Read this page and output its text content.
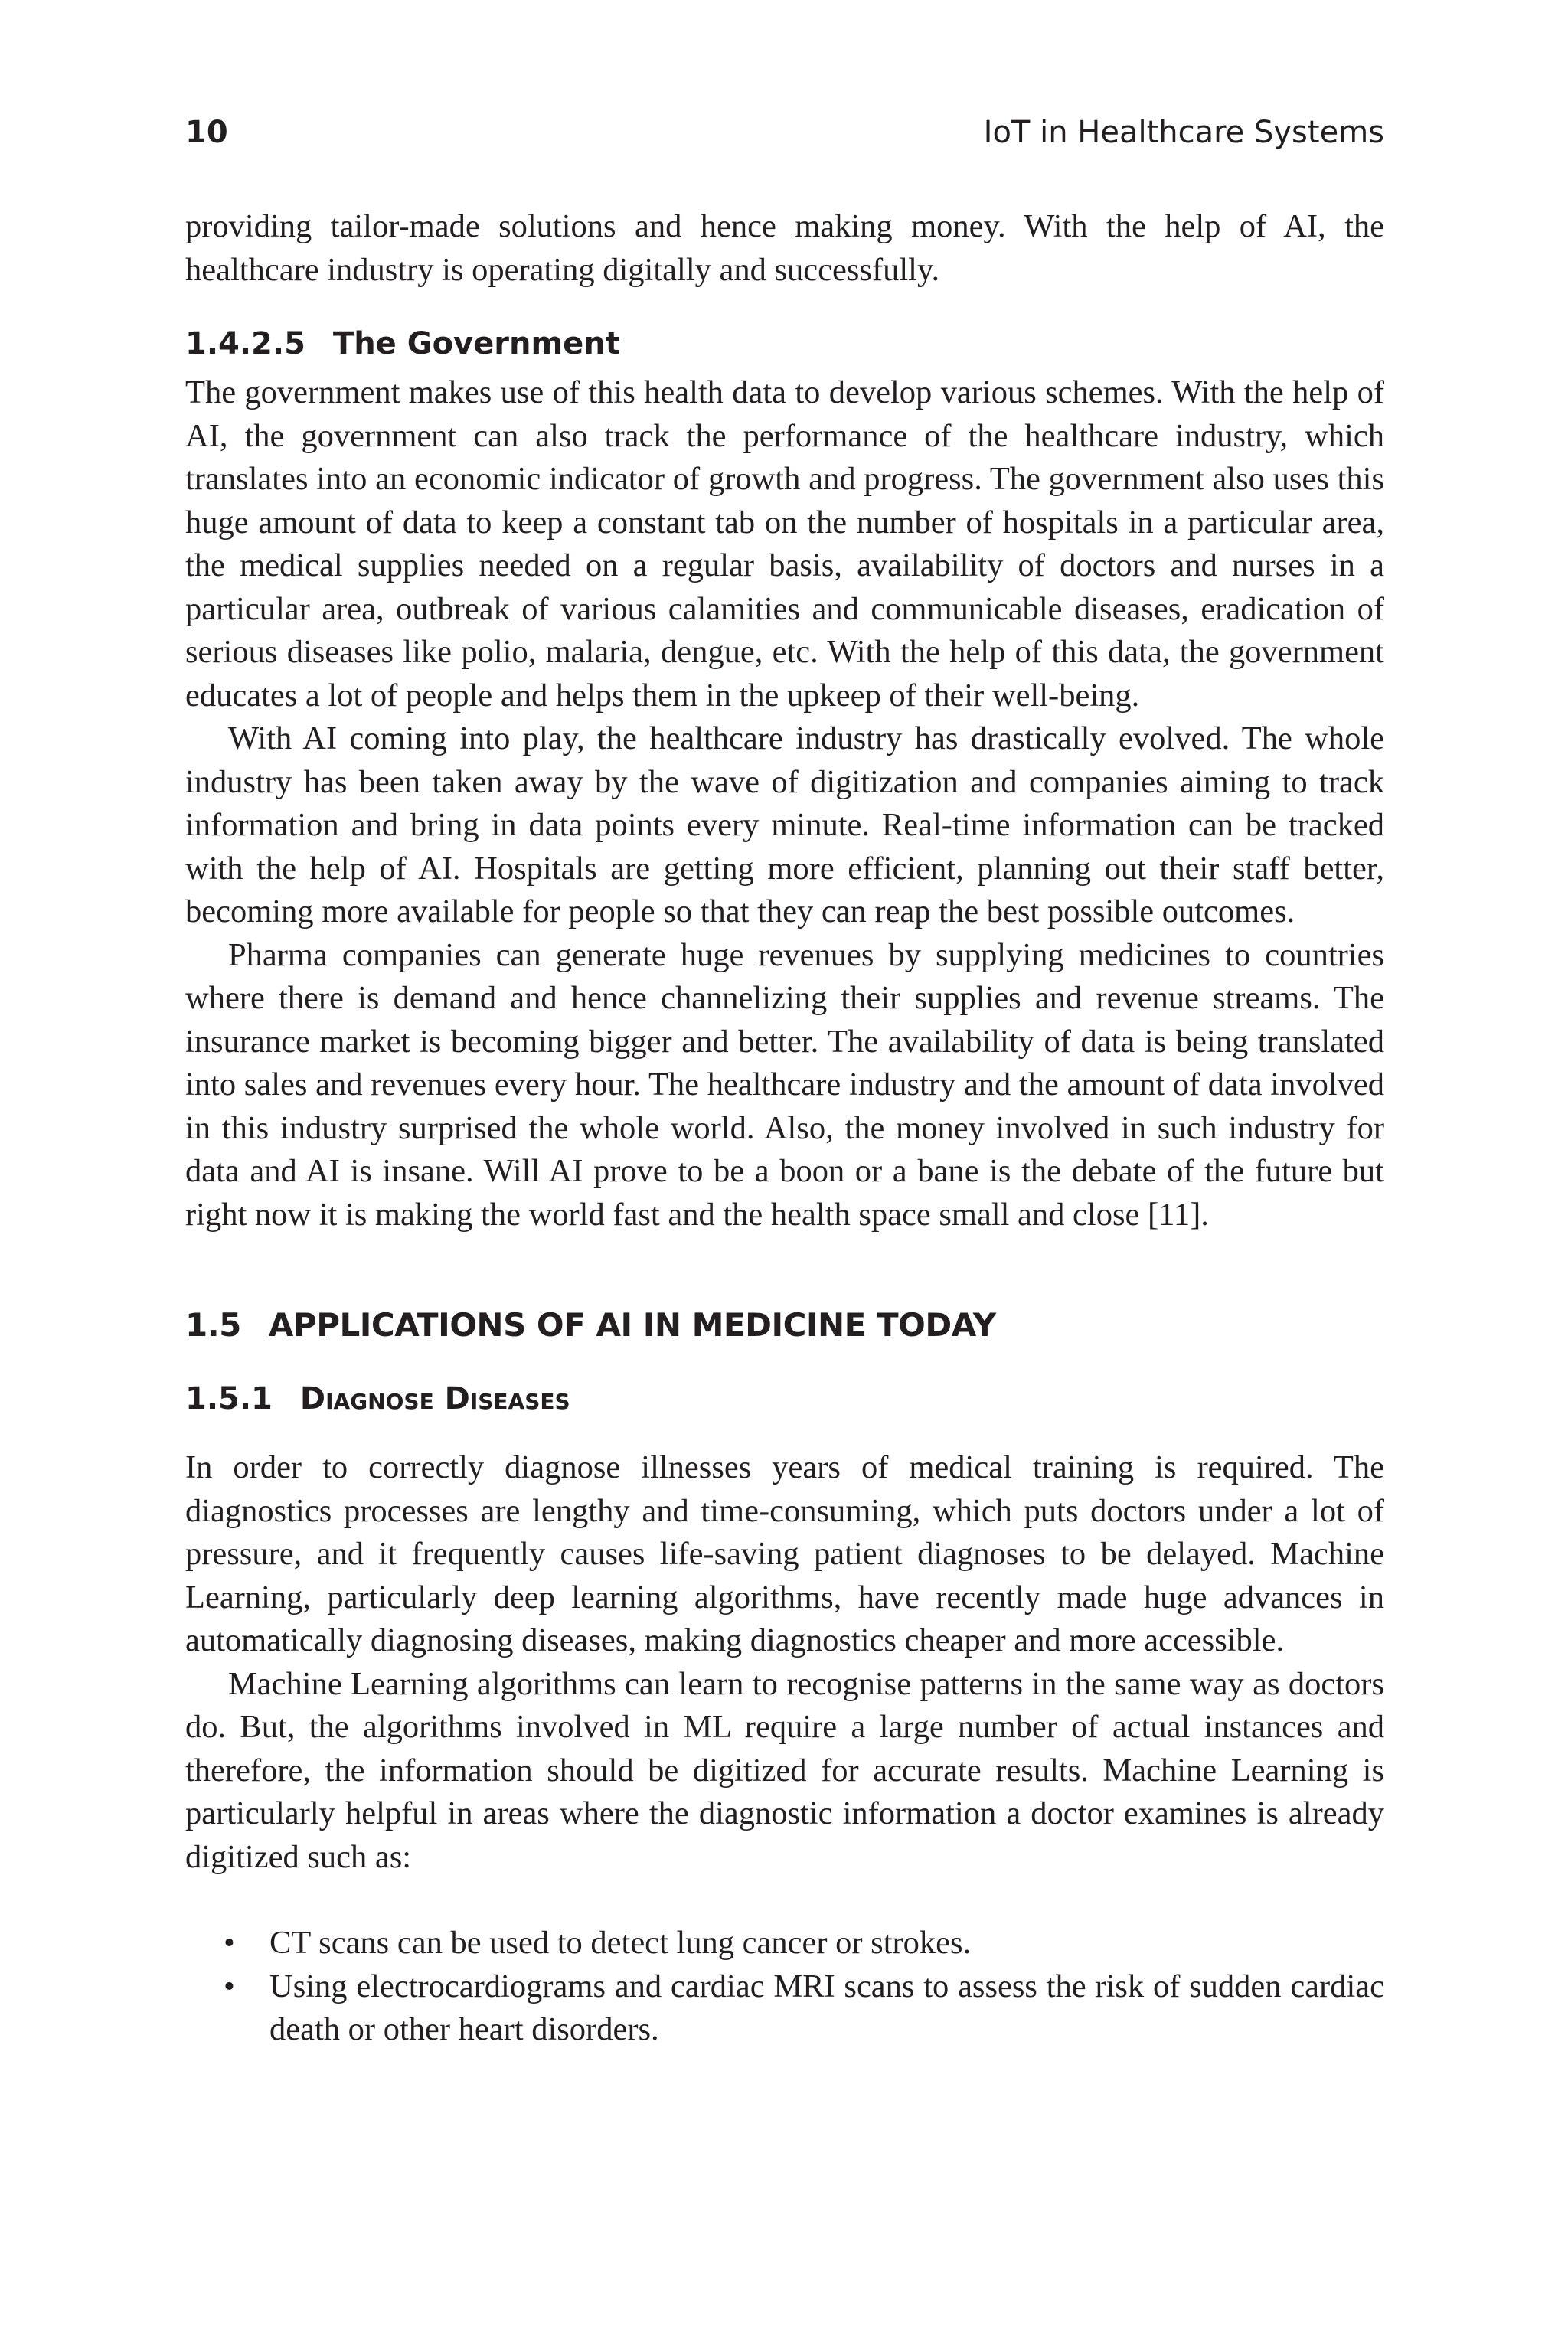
10	IoT in Healthcare Systems

providing tailor-made solutions and hence making money. With the help of AI, the healthcare industry is operating digitally and successfully.

1.4.2.5 The Government

The government makes use of this health data to develop various schemes. With the help of AI, the government can also track the performance of the healthcare industry, which translates into an economic indicator of growth and progress. The government also uses this huge amount of data to keep a constant tab on the number of hospitals in a particular area, the medical supplies needed on a regular basis, availability of doctors and nurses in a particular area, outbreak of various calamities and communicable diseases, eradication of serious diseases like polio, malaria, dengue, etc. With the help of this data, the government educates a lot of people and helps them in the upkeep of their well-being.

With AI coming into play, the healthcare industry has drastically evolved. The whole industry has been taken away by the wave of digitization and companies aiming to track information and bring in data points every minute. Real-time information can be tracked with the help of AI. Hospitals are getting more efficient, planning out their staff better, becoming more available for people so that they can reap the best possible outcomes.

Pharma companies can generate huge revenues by supplying medicines to countries where there is demand and hence channelizing their supplies and revenue streams. The insurance market is becoming bigger and better. The availability of data is being translated into sales and revenues every hour. The healthcare industry and the amount of data involved in this industry surprised the whole world. Also, the money involved in such industry for data and AI is insane. Will AI prove to be a boon or a bane is the debate of the future but right now it is making the world fast and the health space small and close [11].

1.5 APPLICATIONS OF AI IN MEDICINE TODAY
1.5.1 Diagnose Diseases

In order to correctly diagnose illnesses years of medical training is required. The diagnostics processes are lengthy and time-consuming, which puts doctors under a lot of pressure, and it frequently causes life-saving patient diagnoses to be delayed. Machine Learning, particularly deep learning algorithms, have recently made huge advances in automatically diagnosing diseases, making diagnostics cheaper and more accessible.

Machine Learning algorithms can learn to recognise patterns in the same way as doctors do. But, the algorithms involved in ML require a large number of actual instances and therefore, the information should be digitized for accurate results. Machine Learning is particularly helpful in areas where the diagnostic information a doctor examines is already digitized such as:

• CT scans can be used to detect lung cancer or strokes.
• Using electrocardiograms and cardiac MRI scans to assess the risk of sudden cardiac death or other heart disorders.
